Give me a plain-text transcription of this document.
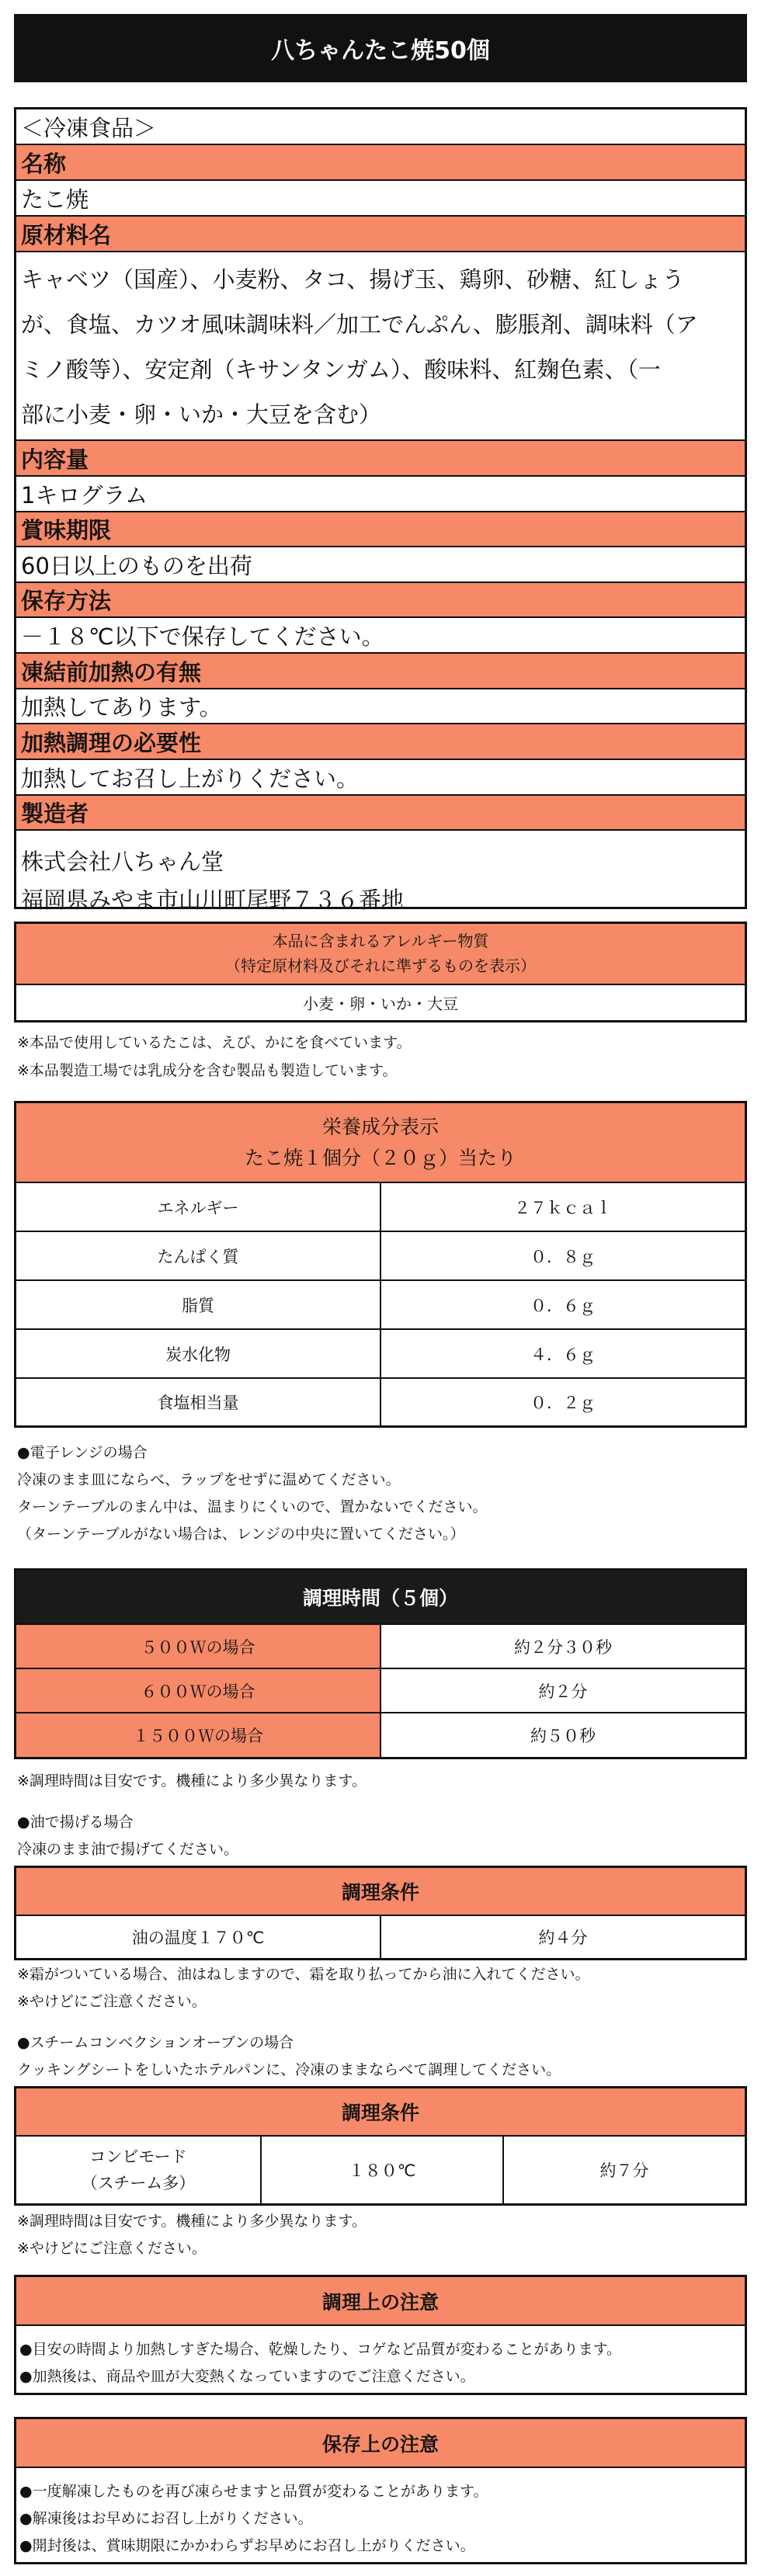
八ちゃんたこ焼50個
＜冷凍食品＞
名称
たこ焼
原材料名
キャベツ（国産）、小麦粉、タコ、揚げ玉、鶏卵、砂糖、紅しょう
が、食塩、カツオ風味調味料／加工でんぷん、膨脹剤、調味料（ア
ミノ酸等）、安定剤（キサンタンガム）、酸味料、紅麹色素、（一
部に小麦・卵・いか・大豆を含む）
内容量
1キログラム
賞味期限
60日以上のものを出荷
保存方法
－１８℃以下で保存してください。
凍結前加熱の有無
加熱してあります。
加熱調理の必要性
加熱してお召し上がりください。
製造者
株式会社八ちゃん堂
福岡県みやま市山川町尾野７３６番地
本品に含まれるアレルギー物質
（特定原材料及びそれに準ずるものを表示）
小麦・卵・いか・大豆
※本品で使用しているたこは、えび、かにを食べています。
※本品製造工場では乳成分を含む製品も製造しています。
栄養成分表示
たこ焼１個分（２０ｇ）当たり
エネルギー	２７ｋｃａｌ
たんぱく質	０．８ｇ
脂質	０．６ｇ
炭水化物	４．６ｇ
食塩相当量	０．２ｇ
●電子レンジの場合
冷凍のまま皿にならべ、ラップをせずに温めてください。
ターンテーブルのまん中は、温まりにくいので、置かないでください。
（ターンテーブルがない場合は、レンジの中央に置いてください。）
調理時間（５個）
５００Ｗの場合	約２分３０秒
６００Ｗの場合	約２分
１５００Ｗの場合	約５０秒
※調理時間は目安です。機種により多少異なります。
●油で揚げる場合
冷凍のまま油で揚げてください。
調理条件
油の温度１７０℃	約４分
※霜がついている場合、油はねしますので、霜を取り払ってから油に入れてください。
※やけどにご注意ください。
●スチームコンベクションオーブンの場合
クッキングシートをしいたホテルパンに、冷凍のままならべて調理してください。
調理条件
コンビモード
（スチーム多）
１８０℃	約７分
※調理時間は目安です。機種により多少異なります。
※やけどにご注意ください。
調理上の注意
●目安の時間より加熱しすぎた場合、乾燥したり、コゲなど品質が変わることがあります。
●加熱後は、商品や皿が大変熱くなっていますのでご注意ください。
保存上の注意
●一度解凍したものを再び凍らせますと品質が変わることがあります。
●解凍後はお早めにお召し上がりください。
●開封後は、賞味期限にかかわらずお早めにお召し上がりください。
